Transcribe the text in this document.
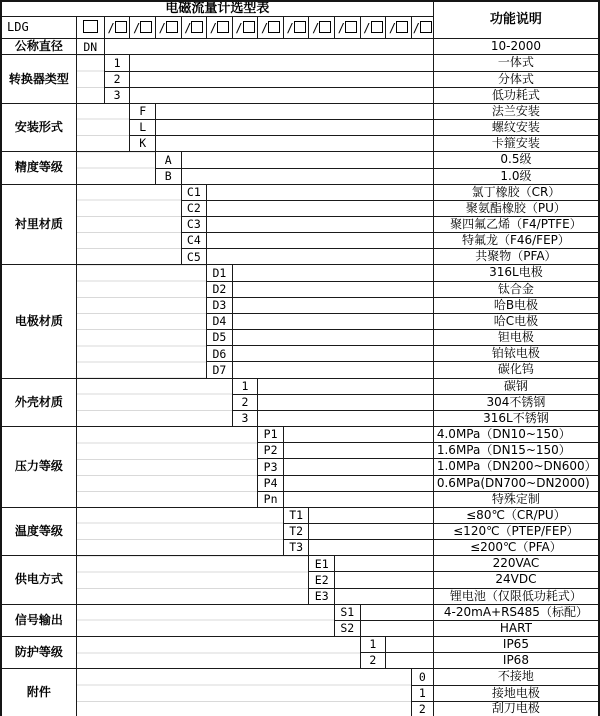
电磁流量计选型表															功能说明
LDG		/	/	/	/	/	/	/	/	/	/	/	/	/	
公称直径	DN														10-2000
转换器类型		1													一体式
		2													分体式
		3													低功耗式
安装形式			F												法兰安装
			L												螺纹安装
			K												卡箍安装
精度等级				A											0.5级
				B											1.0级
衬里材质					C1										氯丁橡胶（CR）
					C2										聚氨酯橡胶（PU）
					C3										聚四氟乙烯（F4/PTFE）
					C4										特氟龙（F46/FEP）
					C5										共聚物（PFA）
电极材质						D1									316L电极
						D2									钛合金
						D3									哈B电极
						D4									哈C电极
						D5									钽电极
						D6									铂铱电极
						D7									碳化钨
外壳材质							1								碳钢
							2								304不锈钢
							3								316L不锈钢
压力等级								P1							4.0MPa（DN10~150）
								P2							1.6MPa（DN15~150）
								P3							1.0MPa（DN200~DN600）
								P4							0.6MPa(DN700~DN2000)
								Pn							特殊定制
温度等级									T1						≤80℃（CR/PU）
									T2						≤120℃（PTEP/FEP）
									T3						≤200℃（PFA）
供电方式										E1					220VAC
										E2					24VDC
										E3					锂电池（仅限低功耗式）
信号输出											S1				4-20mA+RS485（标配）
											S2				HART
防护等级												1			IP65
												2			IP68
附件														0	不接地
														1	接地电极
														2	刮刀电极
